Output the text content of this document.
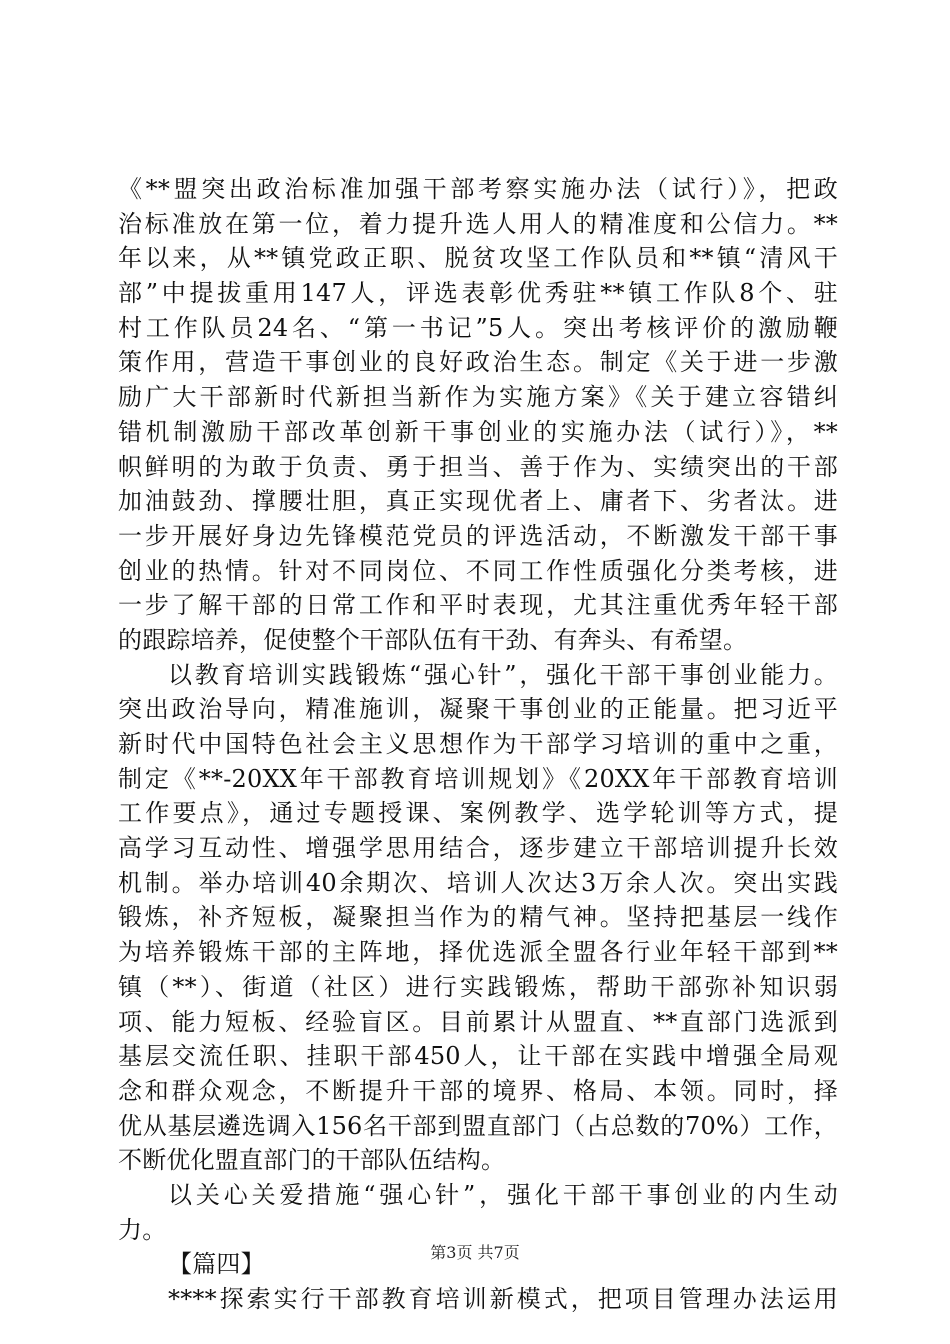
《**盟突出政治标准加强干部考察实施办法（试行）》，把政
治标准放在第一位，着力提升选人用人的精准度和公信力。**
年以来，从**镇党政正职、脱贫攻坚工作队员和**镇“清风干
部”中提拔重用147人，评选表彰优秀驻**镇工作队8个、驻
村工作队员24名、“第一书记”5人。突出考核评价的激励鞭
策作用，营造干事创业的良好政治生态。制定《关于进一步激
励广大干部新时代新担当新作为实施方案》《关于建立容错纠
错机制激励干部改革创新干事创业的实施办法（试行）》，**
帜鲜明的为敢于负责、勇于担当、善于作为、实绩突出的干部
加油鼓劲、撑腰壮胆，真正实现优者上、庸者下、劣者汰。进
一步开展好身边先锋模范党员的评选活动，不断激发干部干事
创业的热情。针对不同岗位、不同工作性质强化分类考核，进
一步了解干部的日常工作和平时表现，尤其注重优秀年轻干部
的跟踪培养，促使整个干部队伍有干劲、有奔头、有希望。
以教育培训实践锻炼“强心针”，强化干部干事创业能力。
突出政治导向，精准施训，凝聚干事创业的正能量。把习近平
新时代中国特色社会主义思想作为干部学习培训的重中之重，
制定《**-20XX年干部教育培训规划》《20XX年干部教育培训
工作要点》，通过专题授课、案例教学、选学轮训等方式，提
高学习互动性、增强学思用结合，逐步建立干部培训提升长效
机制。举办培训40余期次、培训人次达3万余人次。突出实践
锻炼，补齐短板，凝聚担当作为的精气神。坚持把基层一线作
为培养锻炼干部的主阵地，择优选派全盟各行业年轻干部到**
镇（**）、街道（社区）进行实践锻炼，帮助干部弥补知识弱
项、能力短板、经验盲区。目前累计从盟直、**直部门选派到
基层交流任职、挂职干部450人，让干部在实践中增强全局观
念和群众观念，不断提升干部的境界、格局、本领。同时，择
优从基层遴选调入156名干部到盟直部门（占总数的70%）工作，
不断优化盟直部门的干部队伍结构。
以关心关爱措施“强心针”，强化干部干事创业的内生动
力。
【篇四】
****探索实行干部教育培训新模式，把项目管理办法运用
第3页 共7页
